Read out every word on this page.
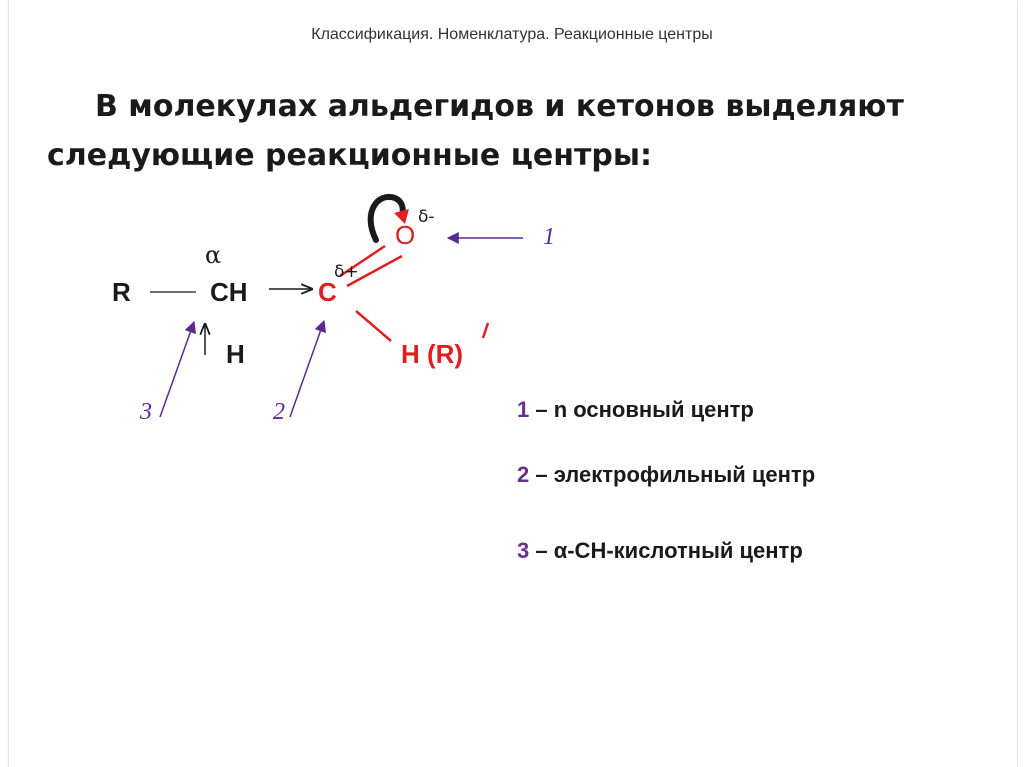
Классификация. Номенклатура. Реакционные центры
В молекулах альдегидов и кетонов выделяют
следующие реакционные центры:
R	CH	C
α
H
O
δ-
δ+
H (R)
1
2
3	1 – n основный центр
2 – электрофильный центр
3 – α-CH-кислотный центр
